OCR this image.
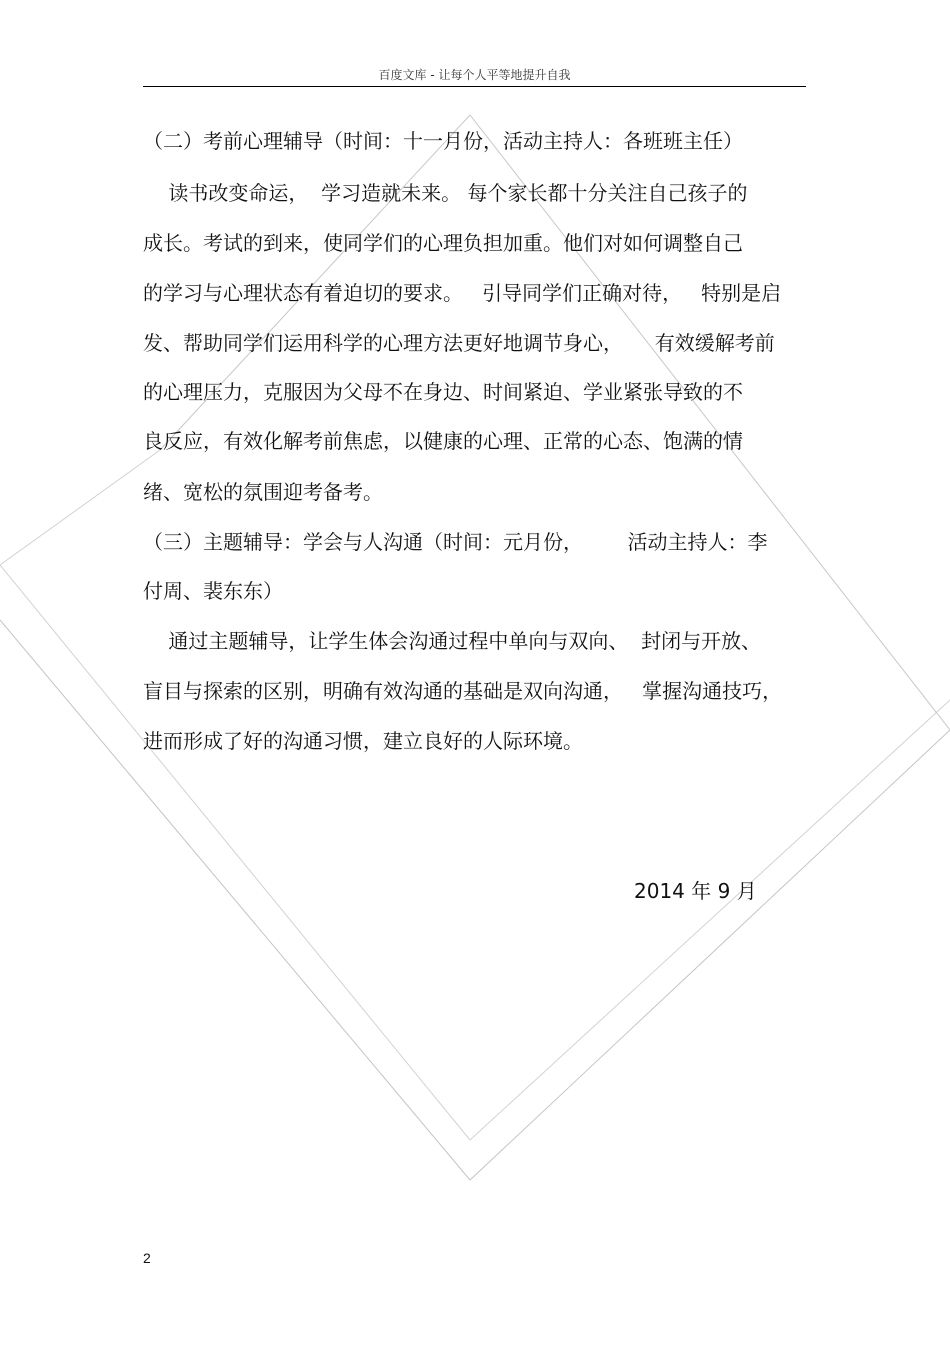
百度文库 - 让每个人平等地提升自我
（二）考前心理辅导（时间：十一月份，活动主持人：各班班主任）
读书改变命运，  学习造就未来。 每个家长都十分关注自己孩子的
成长。考试的到来，使同学们的心理负担加重。他们对如何调整自己
的学习与心理状态有着迫切的要求。   引导同学们正确对待，   特别是启
发、帮助同学们运用科学的心理方法更好地调节身心，     有效缓解考前
的心理压力，克服因为父母不在身边、时间紧迫、学业紧张导致的不
良反应，有效化解考前焦虑，以健康的心理、正常的心态、饱满的情
绪、宽松的氛围迎考备考。
（三）主题辅导：学会与人沟通（时间：元月份，       活动主持人：李
付周、裴东东）
通过主题辅导，让学生体会沟通过程中单向与双向、  封闭与开放、
盲目与探索的区别，明确有效沟通的基础是双向沟通，   掌握沟通技巧，
进而形成了好的沟通习惯，建立良好的人际环境。
2014 年 9 月
2
